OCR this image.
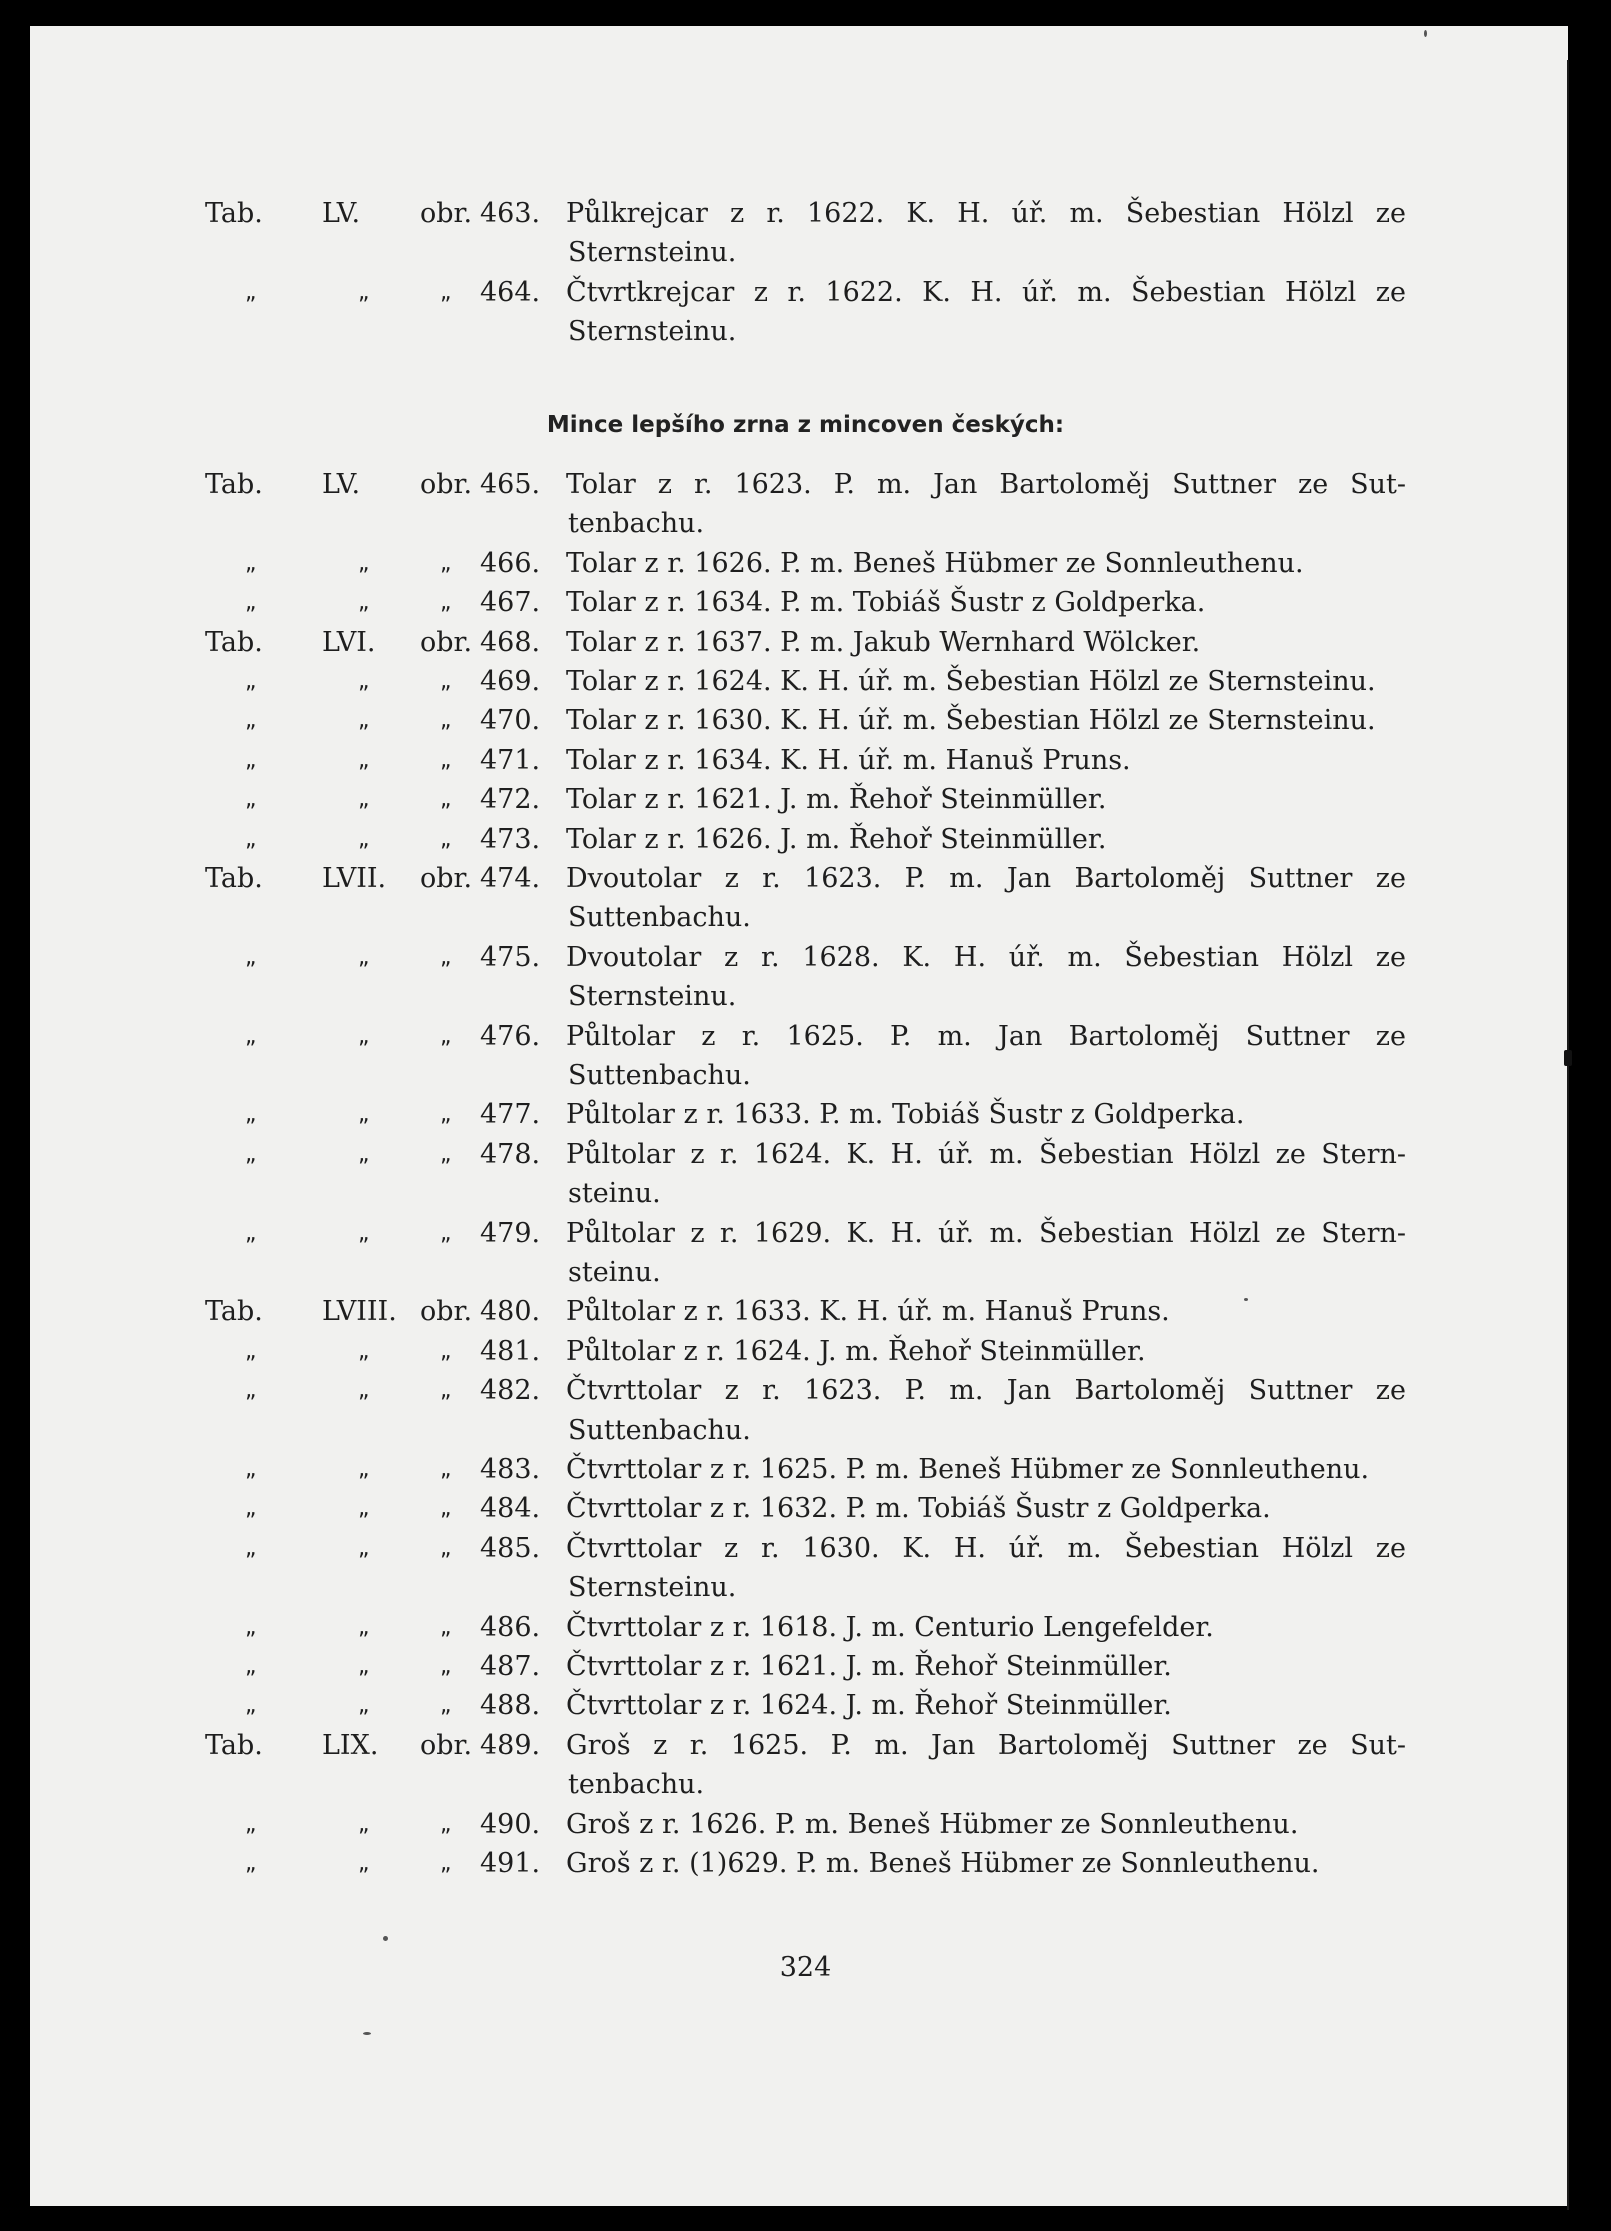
Mince lepšího zrna z mincoven českých:
Tab. LV. obr. 463. Půlkrejcar z r. 1622. K. H. úř. m. Šebestian Hölzl ze
Sternsteinu.
„	„	„ 464. Čtvrtkrejcar z r. 1622. K. H. úř. m. Šebestian Hölzl ze
Sternsteinu.
Tab. LV. obr. 465. Tolar z r. 1623. P. m. Jan Bartoloměj Suttner ze Sut-
tenbachu.
„	„	„ 466. Tolar z r. 1626. P. m. Beneš Hübmer ze Sonnleuthenu.
„	„	„ 467. Tolar z r. 1634. P. m. Tobiáš Šustr z Goldperka.
Tab. LVI. obr. 468. Tolar z r. 1637. P. m. Jakub Wernhard Wölcker.
„	„	„ 469. Tolar z r. 1624. K. H. úř. m. Šebestian Hölzl ze Sternsteinu.
„	„	„ 470. Tolar z r. 1630. K. H. úř. m. Šebestian Hölzl ze Sternsteinu.
„	„	„ 471. Tolar z r. 1634. K. H. úř. m. Hanuš Pruns.
„	„	„ 472. Tolar z r. 1621. J. m. Řehoř Steinmüller.
„	„	„ 473. Tolar z r. 1626. J. m. Řehoř Steinmüller.
Tab. LVII. obr. 474. Dvoutolar z r. 1623. P. m. Jan Bartoloměj Suttner ze
Suttenbachu.
„	„	„ 475. Dvoutolar z r. 1628. K. H. úř. m. Šebestian Hölzl ze
Sternsteinu.
„	„	„ 476. Půltolar z r. 1625. P. m. Jan Bartoloměj Suttner ze
Suttenbachu.
„	„	„ 477. Půltolar z r. 1633. P. m. Tobiáš Šustr z Goldperka.
„	„	„ 478. Půltolar z r. 1624. K. H. úř. m. Šebestian Hölzl ze Stern-
steinu.
„	„	„ 479. Půltolar z r. 1629. K. H. úř. m. Šebestian Hölzl ze Stern-
steinu.
Tab. LVIII. obr. 480. Půltolar z r. 1633. K. H. úř. m. Hanuš Pruns.
„	„	„ 481. Půltolar z r. 1624. J. m. Řehoř Steinmüller.
„	„	„ 482. Čtvrttolar z r. 1623. P. m. Jan Bartoloměj Suttner ze
Suttenbachu.
„	„	„ 483. Čtvrttolar z r. 1625. P. m. Beneš Hübmer ze Sonnleuthenu.
„	„	„ 484. Čtvrttolar z r. 1632. P. m. Tobiáš Šustr z Goldperka.
„	„	„ 485. Čtvrttolar z r. 1630. K. H. úř. m. Šebestian Hölzl ze
Sternsteinu.
„	„	„ 486. Čtvrttolar z r. 1618. J. m. Centurio Lengefelder.
„	„	„ 487. Čtvrttolar z r. 1621. J. m. Řehoř Steinmüller.
„	„	„ 488. Čtvrttolar z r. 1624. J. m. Řehoř Steinmüller.
Tab. LIX. obr. 489. Groš z r. 1625. P. m. Jan Bartoloměj Suttner ze Sut-
tenbachu.
„	„	„ 490. Groš z r. 1626. P. m. Beneš Hübmer ze Sonnleuthenu.
„	„	„ 491. Groš z r. (1)629. P. m. Beneš Hübmer ze Sonnleuthenu.
324
